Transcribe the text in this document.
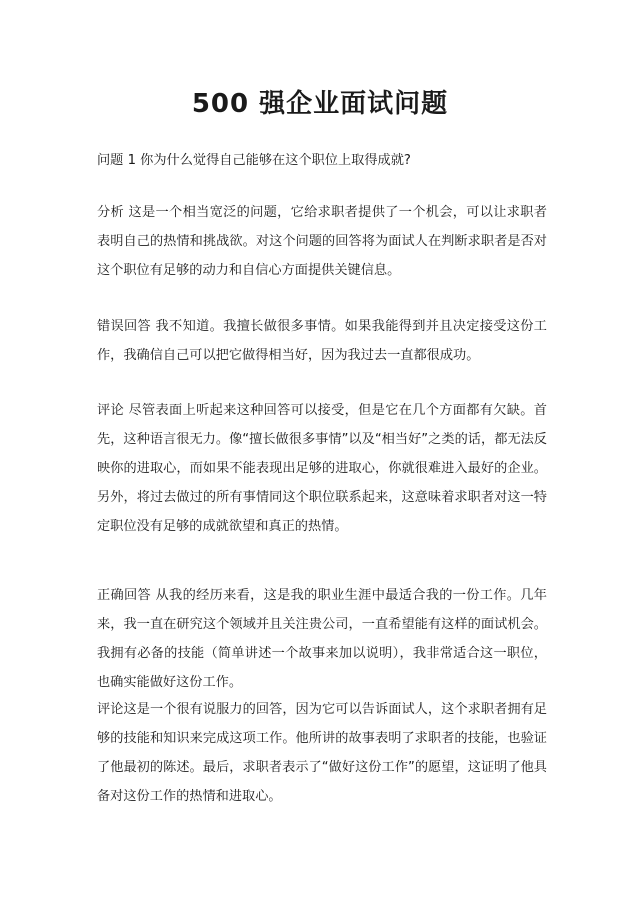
500 强企业面试问题

问题 1 你为什么觉得自己能够在这个职位上取得成就?

分析 这是一个相当宽泛的问题，它给求职者提供了一个机会，可以让求职者表明自己的热情和挑战欲。对这个问题的回答将为面试人在判断求职者是否对这个职位有足够的动力和自信心方面提供关键信息。

错误回答 我不知道。我擅长做很多事情。如果我能得到并且决定接受这份工作，我确信自己可以把它做得相当好，因为我过去一直都很成功。

评论 尽管表面上听起来这种回答可以接受，但是它在几个方面都有欠缺。首先，这种语言很无力。像“擅长做很多事情”以及“相当好”之类的话，都无法反映你的进取心，而如果不能表现出足够的进取心，你就很难进入最好的企业。另外，将过去做过的所有事情同这个职位联系起来，这意味着求职者对这一特定职位没有足够的成就欲望和真正的热情。

正确回答 从我的经历来看，这是我的职业生涯中最适合我的一份工作。几年来，我一直在研究这个领域并且关注贵公司，一直希望能有这样的面试机会。我拥有必备的技能（简单讲述一个故事来加以说明），我非常适合这一职位，也确实能做好这份工作。

评论这是一个很有说服力的回答，因为它可以告诉面试人，这个求职者拥有足够的技能和知识来完成这项工作。他所讲的故事表明了求职者的技能，也验证了他最初的陈述。最后，求职者表示了“做好这份工作”的愿望，这证明了他具备对这份工作的热情和进取心。
